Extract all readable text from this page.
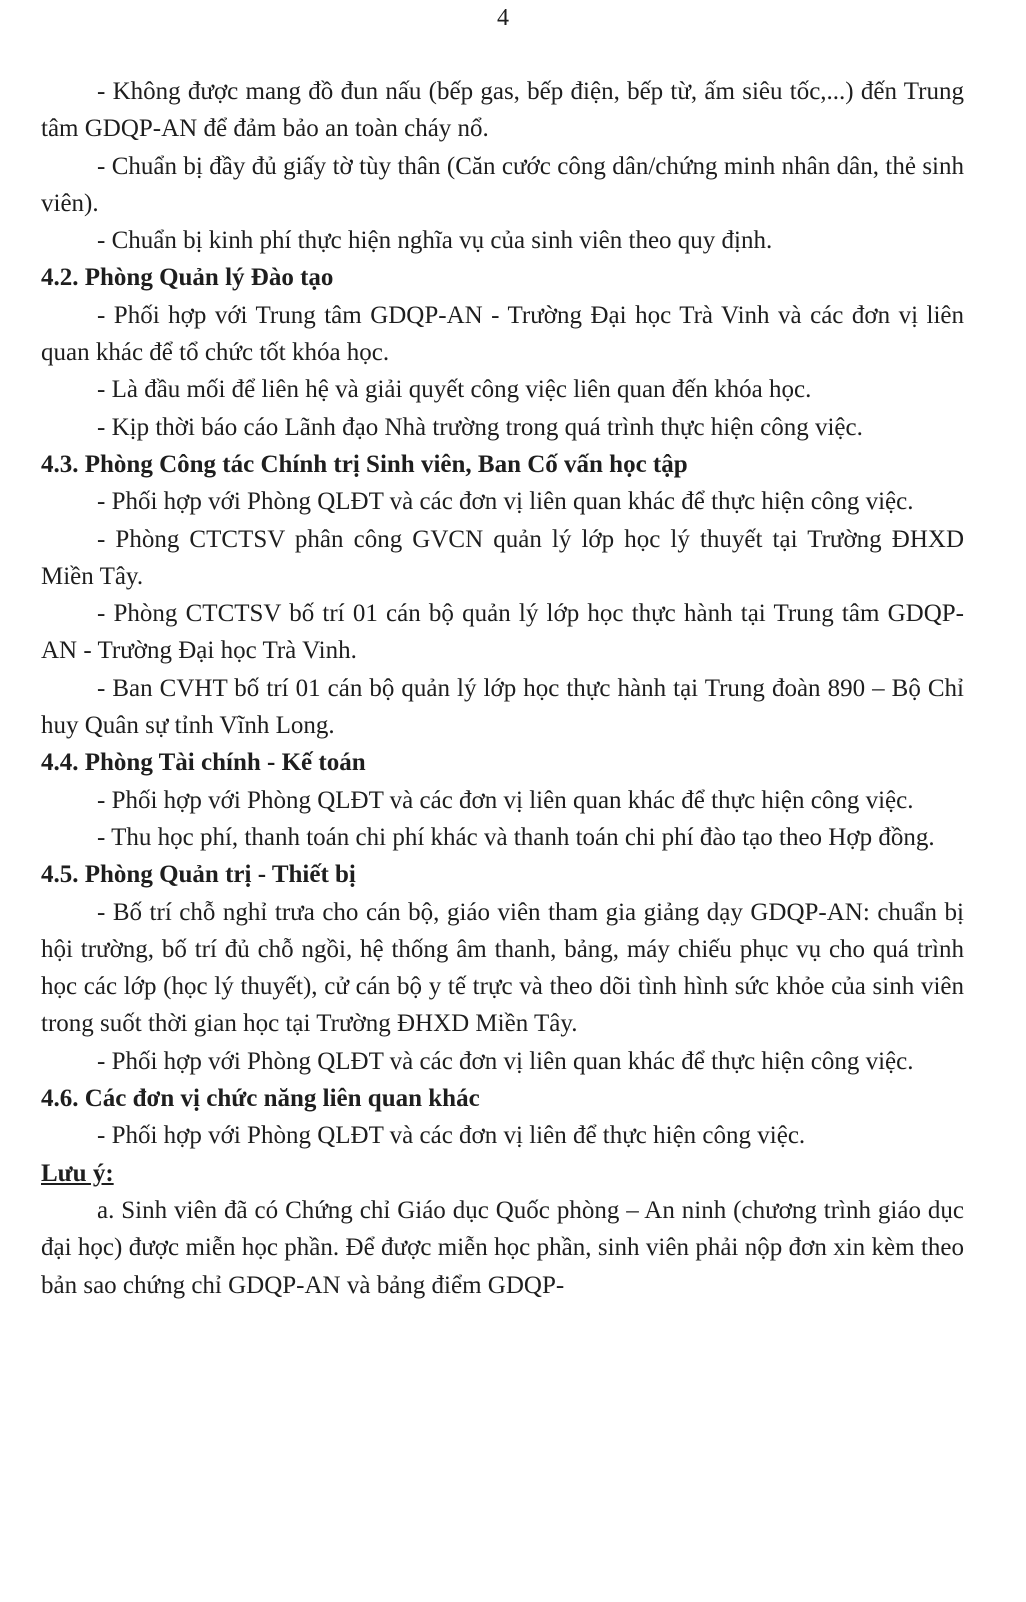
4

- Không được mang đồ đun nấu (bếp gas, bếp điện, bếp từ, ấm siêu tốc,...) đến Trung tâm GDQP-AN để đảm bảo an toàn cháy nổ.

- Chuẩn bị đầy đủ giấy tờ tùy thân (Căn cước công dân/chứng minh nhân dân, thẻ sinh viên).

- Chuẩn bị kinh phí thực hiện nghĩa vụ của sinh viên theo quy định.

4.2. Phòng Quản lý Đào tạo

- Phối hợp với Trung tâm GDQP-AN - Trường Đại học Trà Vinh và các đơn vị liên quan khác để tổ chức tốt khóa học.

- Là đầu mối để liên hệ và giải quyết công việc liên quan đến khóa học.

- Kịp thời báo cáo Lãnh đạo Nhà trường trong quá trình thực hiện công việc.

4.3. Phòng Công tác Chính trị Sinh viên, Ban Cố vấn học tập

- Phối hợp với Phòng QLĐT và các đơn vị liên quan khác để thực hiện công việc.

- Phòng CTCTSV phân công GVCN quản lý lớp học lý thuyết tại Trường ĐHXD Miền Tây.

- Phòng CTCTSV bố trí 01 cán bộ quản lý lớp học thực hành tại Trung tâm GDQP-AN - Trường Đại học Trà Vinh.

- Ban CVHT bố trí 01 cán bộ quản lý lớp học thực hành tại Trung đoàn 890 – Bộ Chỉ huy Quân sự tỉnh Vĩnh Long.

4.4. Phòng Tài chính - Kế toán

- Phối hợp với Phòng QLĐT và các đơn vị liên quan khác để thực hiện công việc.

- Thu học phí, thanh toán chi phí khác và thanh toán chi phí đào tạo theo Hợp đồng.

4.5. Phòng Quản trị - Thiết bị

- Bố trí chỗ nghỉ trưa cho cán bộ, giáo viên tham gia giảng dạy GDQP-AN: chuẩn bị hội trường, bố trí đủ chỗ ngồi, hệ thống âm thanh, bảng, máy chiếu phục vụ cho quá trình học các lớp (học lý thuyết), cử cán bộ y tế trực và theo dõi tình hình sức khỏe của sinh viên trong suốt thời gian học tại Trường ĐHXD Miền Tây.

- Phối hợp với Phòng QLĐT và các đơn vị liên quan khác để thực hiện công việc.

4.6. Các đơn vị chức năng liên quan khác

- Phối hợp với Phòng QLĐT và các đơn vị liên để thực hiện công việc.

Lưu ý:

a. Sinh viên đã có Chứng chỉ Giáo dục Quốc phòng – An ninh (chương trình giáo dục đại học) được miễn học phần. Để được miễn học phần, sinh viên phải nộp đơn xin kèm theo bản sao chứng chỉ GDQP-AN và bảng điểm GDQP-
